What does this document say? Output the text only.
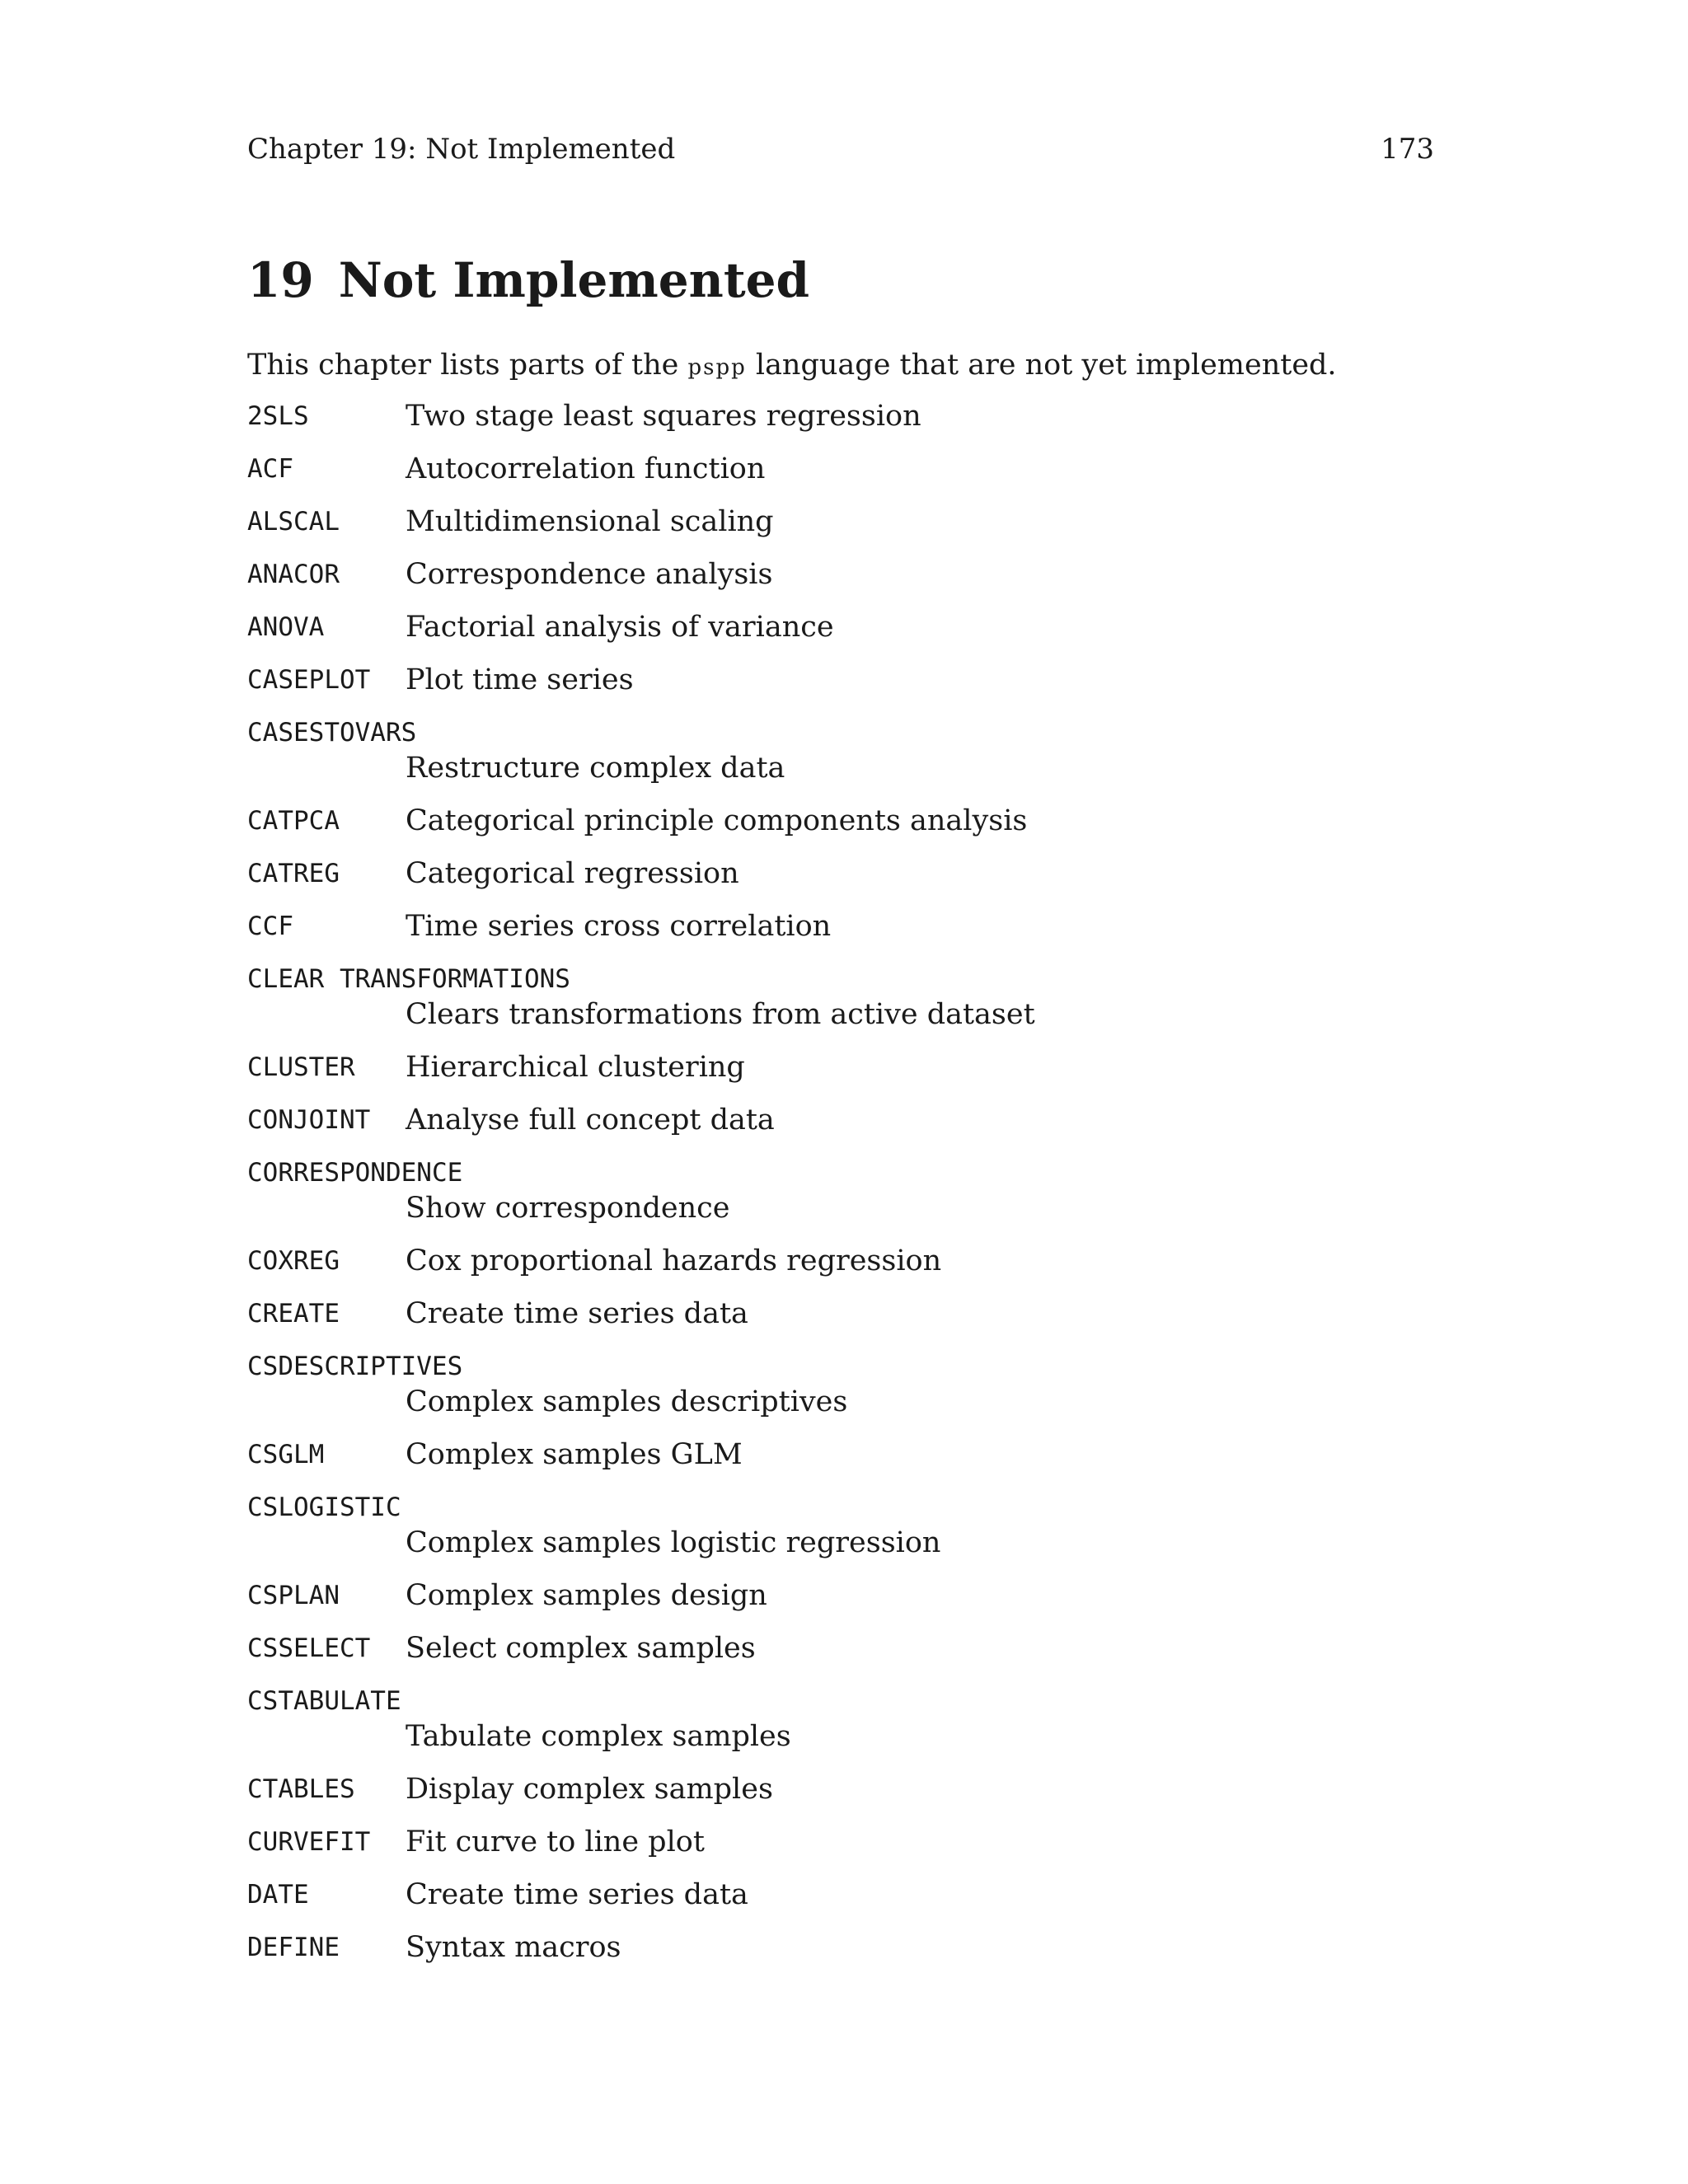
Chapter 19: Not Implemented	173
19 Not Implemented

This chapter lists parts of the pspp language that are not yet implemented.

2SLS	Two stage least squares regression
ACF	Autocorrelation function
ALSCAL Multidimensional scaling
ANACOR Correspondence analysis
ANOVA	Factorial analysis of variance
CASEPLOT Plot time series
CASESTOVARS
Restructure complex data
CATPCA Categorical principle components analysis
CATREG Categorical regression
CCF	Time series cross correlation
CLEAR TRANSFORMATIONS
Clears transformations from active dataset
CLUSTER Hierarchical clustering
CONJOINT Analyse full concept data
CORRESPONDENCE
Show correspondence
COXREG Cox proportional hazards regression
CREATE Create time series data
CSDESCRIPTIVES
Complex samples descriptives
CSGLM	Complex samples GLM
CSLOGISTIC
Complex samples logistic regression
CSPLAN Complex samples design
CSSELECT Select complex samples
CSTABULATE
Tabulate complex samples
CTABLES Display complex samples
CURVEFIT Fit curve to line plot
DATE	Create time series data
DEFINE Syntax macros
